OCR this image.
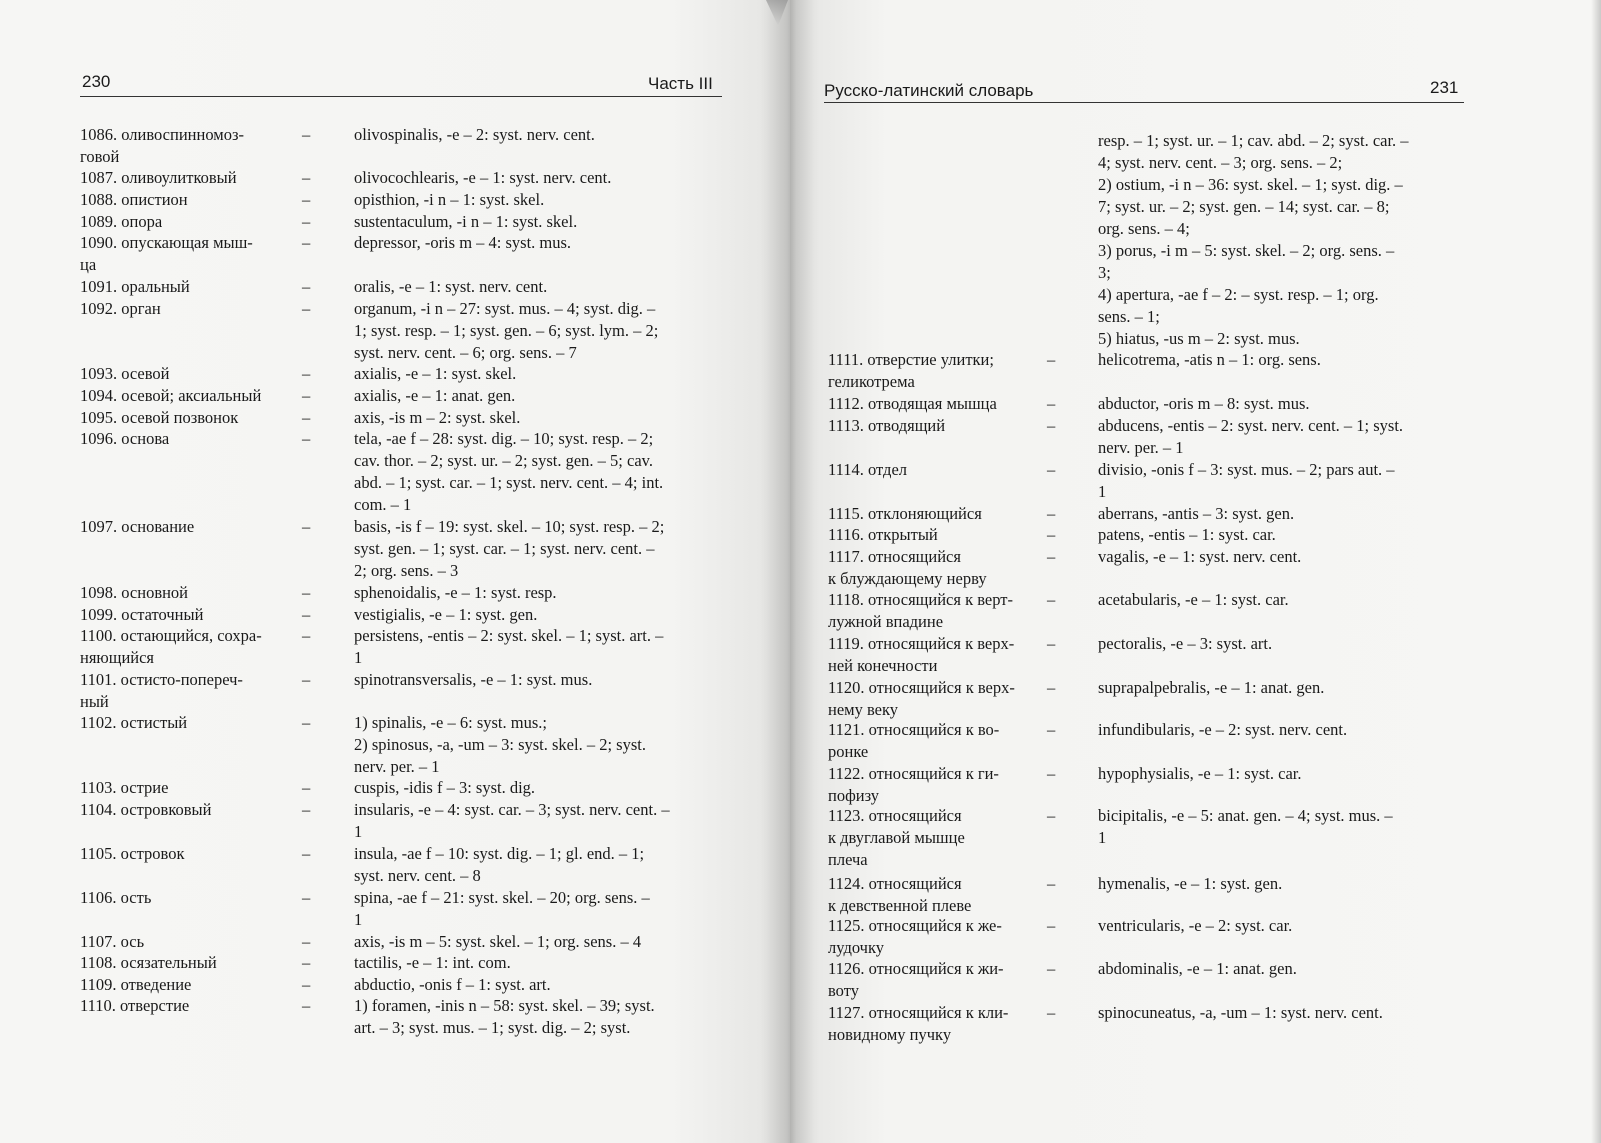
230	Часть III	Русско-латинский словарь	231
1086. оливоспинномоз-
говой
–	olivospinalis, -e – 2: syst. nerv. cent.
1087. оливоулитковый	–	olivocochlearis, -e – 1: syst. nerv. cent.
1088. опистион	–	opisthion, -i n – 1: syst. skel.
1089. опора	–	sustentaculum, -i n – 1: syst. skel.
1090. опускающая мыш-
ца
–	depressor, -oris m – 4: syst. mus.
1091. оральный	–	oralis, -e – 1: syst. nerv. cent.
1092. орган	–	organum, -i n – 27: syst. mus. – 4; syst. dig. –
1; syst. resp. – 1; syst. gen. – 6; syst. lym. – 2;
syst. nerv. cent. – 6; org. sens. – 7
1093. осевой	–	axialis, -e – 1: syst. skel.
1094. осевой; аксиальный –	axialis, -e – 1: anat. gen.
1095. осевой позвонок	–	axis, -is m – 2: syst. skel.
1096. основа	–	tela, -ae f – 28: syst. dig. – 10; syst. resp. – 2;
cav. thor. – 2; syst. ur. – 2; syst. gen. – 5; cav.
abd. – 1; syst. car. – 1; syst. nerv. cent. – 4; int.
com. – 1
1097. основание	–	basis, -is f – 19: syst. skel. – 10; syst. resp. – 2;
syst. gen. – 1; syst. car. – 1; syst. nerv. cent. –
2; org. sens. – 3
1098. основной	–	sphenoidalis, -e – 1: syst. resp.
1099. остаточный	–	vestigialis, -e – 1: syst. gen.
1100. остающийся, сохра-
няющийся
–	persistens, -entis – 2: syst. skel. – 1; syst. art. –
1
1101. остисто-попереч-
ный
–	spinotransversalis, -e – 1: syst. mus.
1102. остистый	–	1) spinalis, -e – 6: syst. mus.;
2) spinosus, -a, -um – 3: syst. skel. – 2; syst.
nerv. per. – 1
1103. острие	–	cuspis, -idis f – 3: syst. dig.
1104. островковый	–	insularis, -e – 4: syst. car. – 3; syst. nerv. cent. –
1
1105. островок	–	insula, -ae f – 10: syst. dig. – 1; gl. end. – 1;
syst. nerv. cent. – 8
1106. ость	–	spina, -ae f – 21: syst. skel. – 20; org. sens. –
1
1107. ось	–	axis, -is m – 5: syst. skel. – 1; org. sens. – 4
1108. осязательный	–	tactilis, -e – 1: int. com.
1109. отведение	–	abductio, -onis f – 1: syst. art.
1110. отверстие	–	1) foramen, -inis n – 58: syst. skel. – 39; syst.
art. – 3; syst. mus. – 1; syst. dig. – 2; syst.
resp. – 1; syst. ur. – 1; cav. abd. – 2; syst. car. –
4; syst. nerv. cent. – 3; org. sens. – 2;
2) ostium, -i n – 36: syst. skel. – 1; syst. dig. –
7; syst. ur. – 2; syst. gen. – 14; syst. car. – 8;
org. sens. – 4;
3) porus, -i m – 5: syst. skel. – 2; org. sens. –
3;
4) apertura, -ae f – 2: – syst. resp. – 1; org.
sens. – 1;
5) hiatus, -us m – 2: syst. mus.
1111. отверстие улитки;
геликотрема
–	helicotrema, -atis n – 1: org. sens.
1112. отводящая мышца	–	abductor, -oris m – 8: syst. mus.
1113. отводящий	–	abducens, -entis – 2: syst. nerv. cent. – 1; syst.
nerv. per. – 1
1114. отдел	–	divisio, -onis f – 3: syst. mus. – 2; pars aut. –
1
1115. отклоняющийся	–	aberrans, -antis – 3: syst. gen.
1116. открытый	–	patens, -entis – 1: syst. car.
1117. относящийся
к блуждающему нерву
–	vagalis, -e – 1: syst. nerv. cent.
1118. относящийся к верт-
лужной впадине
–	acetabularis, -e – 1: syst. car.
1119. относящийся к верх-
ней конечности
–	pectoralis, -e – 3: syst. art.
1120. относящийся к верх-
нему веку
–	suprapalpebralis, -e – 1: anat. gen.
1121. относящийся к во-
ронке
–	infundibularis, -e – 2: syst. nerv. cent.
1122. относящийся к ги-
пофизу
–	hypophysialis, -e – 1: syst. car.
1123. относящийся
к двуглавой мышце
плеча
–	bicipitalis, -e – 5: anat. gen. – 4; syst. mus. –
1
1124. относящийся
к девственной плеве
–	hymenalis, -e – 1: syst. gen.
1125. относящийся к же-
лудочку
–	ventricularis, -e – 2: syst. car.
1126. относящийся к жи-
воту
–	abdominalis, -e – 1: anat. gen.
1127. относящийся к кли-
новидному пучку
–	spinocuneatus, -a, -um – 1: syst. nerv. cent.
